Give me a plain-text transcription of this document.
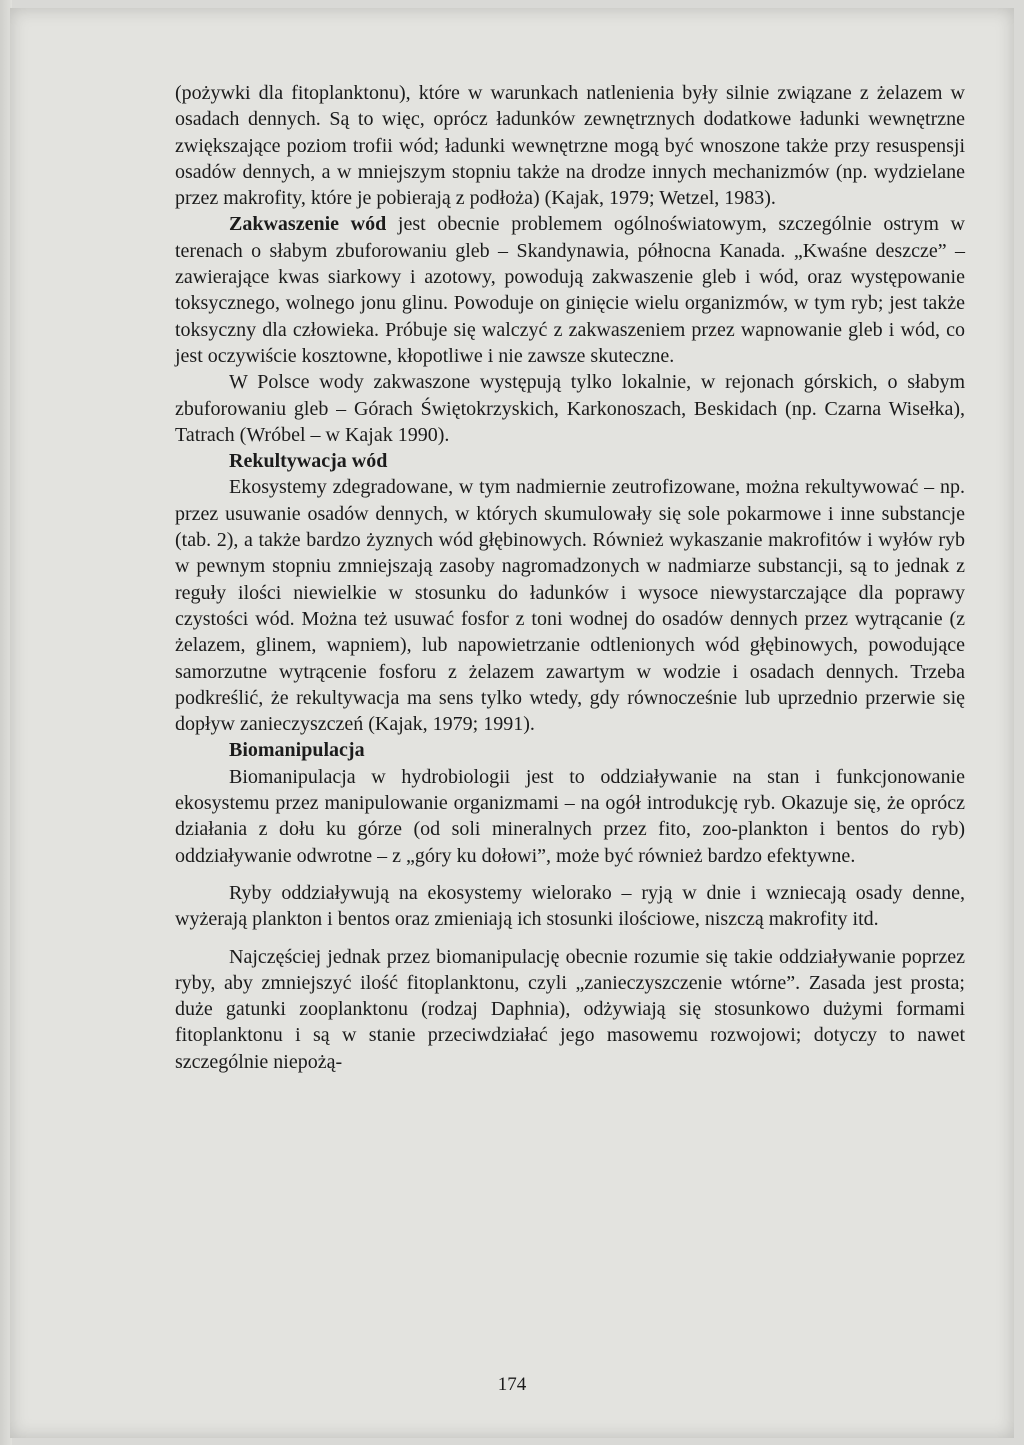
(pożywki dla fitoplanktonu), które w warunkach natlenienia były silnie związane z żelazem w osadach dennych. Są to więc, oprócz ładunków zewnętrznych dodatkowe ładunki wewnętrzne zwiększające poziom trofii wód; ładunki wewnętrzne mogą być wnoszone także przy resuspensji osadów dennych, a w mniejszym stopniu także na drodze innych mechanizmów (np. wydzielane przez makrofity, które je pobierają z podłoża) (Kajak, 1979; Wetzel, 1983).

Zakwaszenie wód jest obecnie problemem ogólnoświatowym, szczególnie ostrym w terenach o słabym zbuforowaniu gleb – Skandynawia, północna Kanada. „Kwaśne deszcze” – zawierające kwas siarkowy i azotowy, powodują zakwaszenie gleb i wód, oraz występowanie toksycznego, wolnego jonu glinu. Powoduje on ginięcie wielu organizmów, w tym ryb; jest także toksyczny dla człowieka. Próbuje się walczyć z zakwaszeniem przez wapnowanie gleb i wód, co jest oczywiście kosztowne, kłopotliwe i nie zawsze skuteczne.

W Polsce wody zakwaszone występują tylko lokalnie, w rejonach górskich, o słabym zbuforowaniu gleb – Górach Świętokrzyskich, Karkonoszach, Beskidach (np. Czarna Wisełka), Tatrach (Wróbel – w Kajak 1990).

Rekultywacja wód

Ekosystemy zdegradowane, w tym nadmiernie zeutrofizowane, można rekultywować – np. przez usuwanie osadów dennych, w których skumulowały się sole pokarmowe i inne substancje (tab. 2), a także bardzo żyznych wód głębinowych. Również wykaszanie makrofitów i wyłów ryb w pewnym stopniu zmniejszają zasoby nagromadzonych w nadmiarze substancji, są to jednak z reguły ilości niewielkie w stosunku do ładunków i wysoce niewystarczające dla poprawy czystości wód. Można też usuwać fosfor z toni wodnej do osadów dennych przez wytrącanie (z żelazem, glinem, wapniem), lub napowietrzanie odtlenionych wód głębinowych, powodujące samorzutne wytrącenie fosforu z żelazem zawartym w wodzie i osadach dennych. Trzeba podkreślić, że rekultywacja ma sens tylko wtedy, gdy równocześnie lub uprzednio przerwie się dopływ zanieczyszczeń (Kajak, 1979; 1991).

Biomanipulacja

Biomanipulacja w hydrobiologii jest to oddziaływanie na stan i funkcjonowanie ekosystemu przez manipulowanie organizmami – na ogół introdukcję ryb. Okazuje się, że oprócz działania z dołu ku górze (od soli mineralnych przez fito, zoo-plankton i bentos do ryb) oddziaływanie odwrotne – z „góry ku dołowi”, może być również bardzo efektywne.

Ryby oddziaływują na ekosystemy wielorako – ryją w dnie i wzniecają osady denne, wyżerają plankton i bentos oraz zmieniają ich stosunki ilościowe, niszczą makrofity itd.

Najczęściej jednak przez biomanipulację obecnie rozumie się takie oddziaływanie poprzez ryby, aby zmniejszyć ilość fitoplanktonu, czyli „zanieczyszczenie wtórne”. Zasada jest prosta; duże gatunki zooplanktonu (rodzaj Daphnia), odżywiają się stosunkowo dużymi formami fitoplanktonu i są w stanie przeciwdziałać jego masowemu rozwojowi; dotyczy to nawet szczególnie niepożą-

174
